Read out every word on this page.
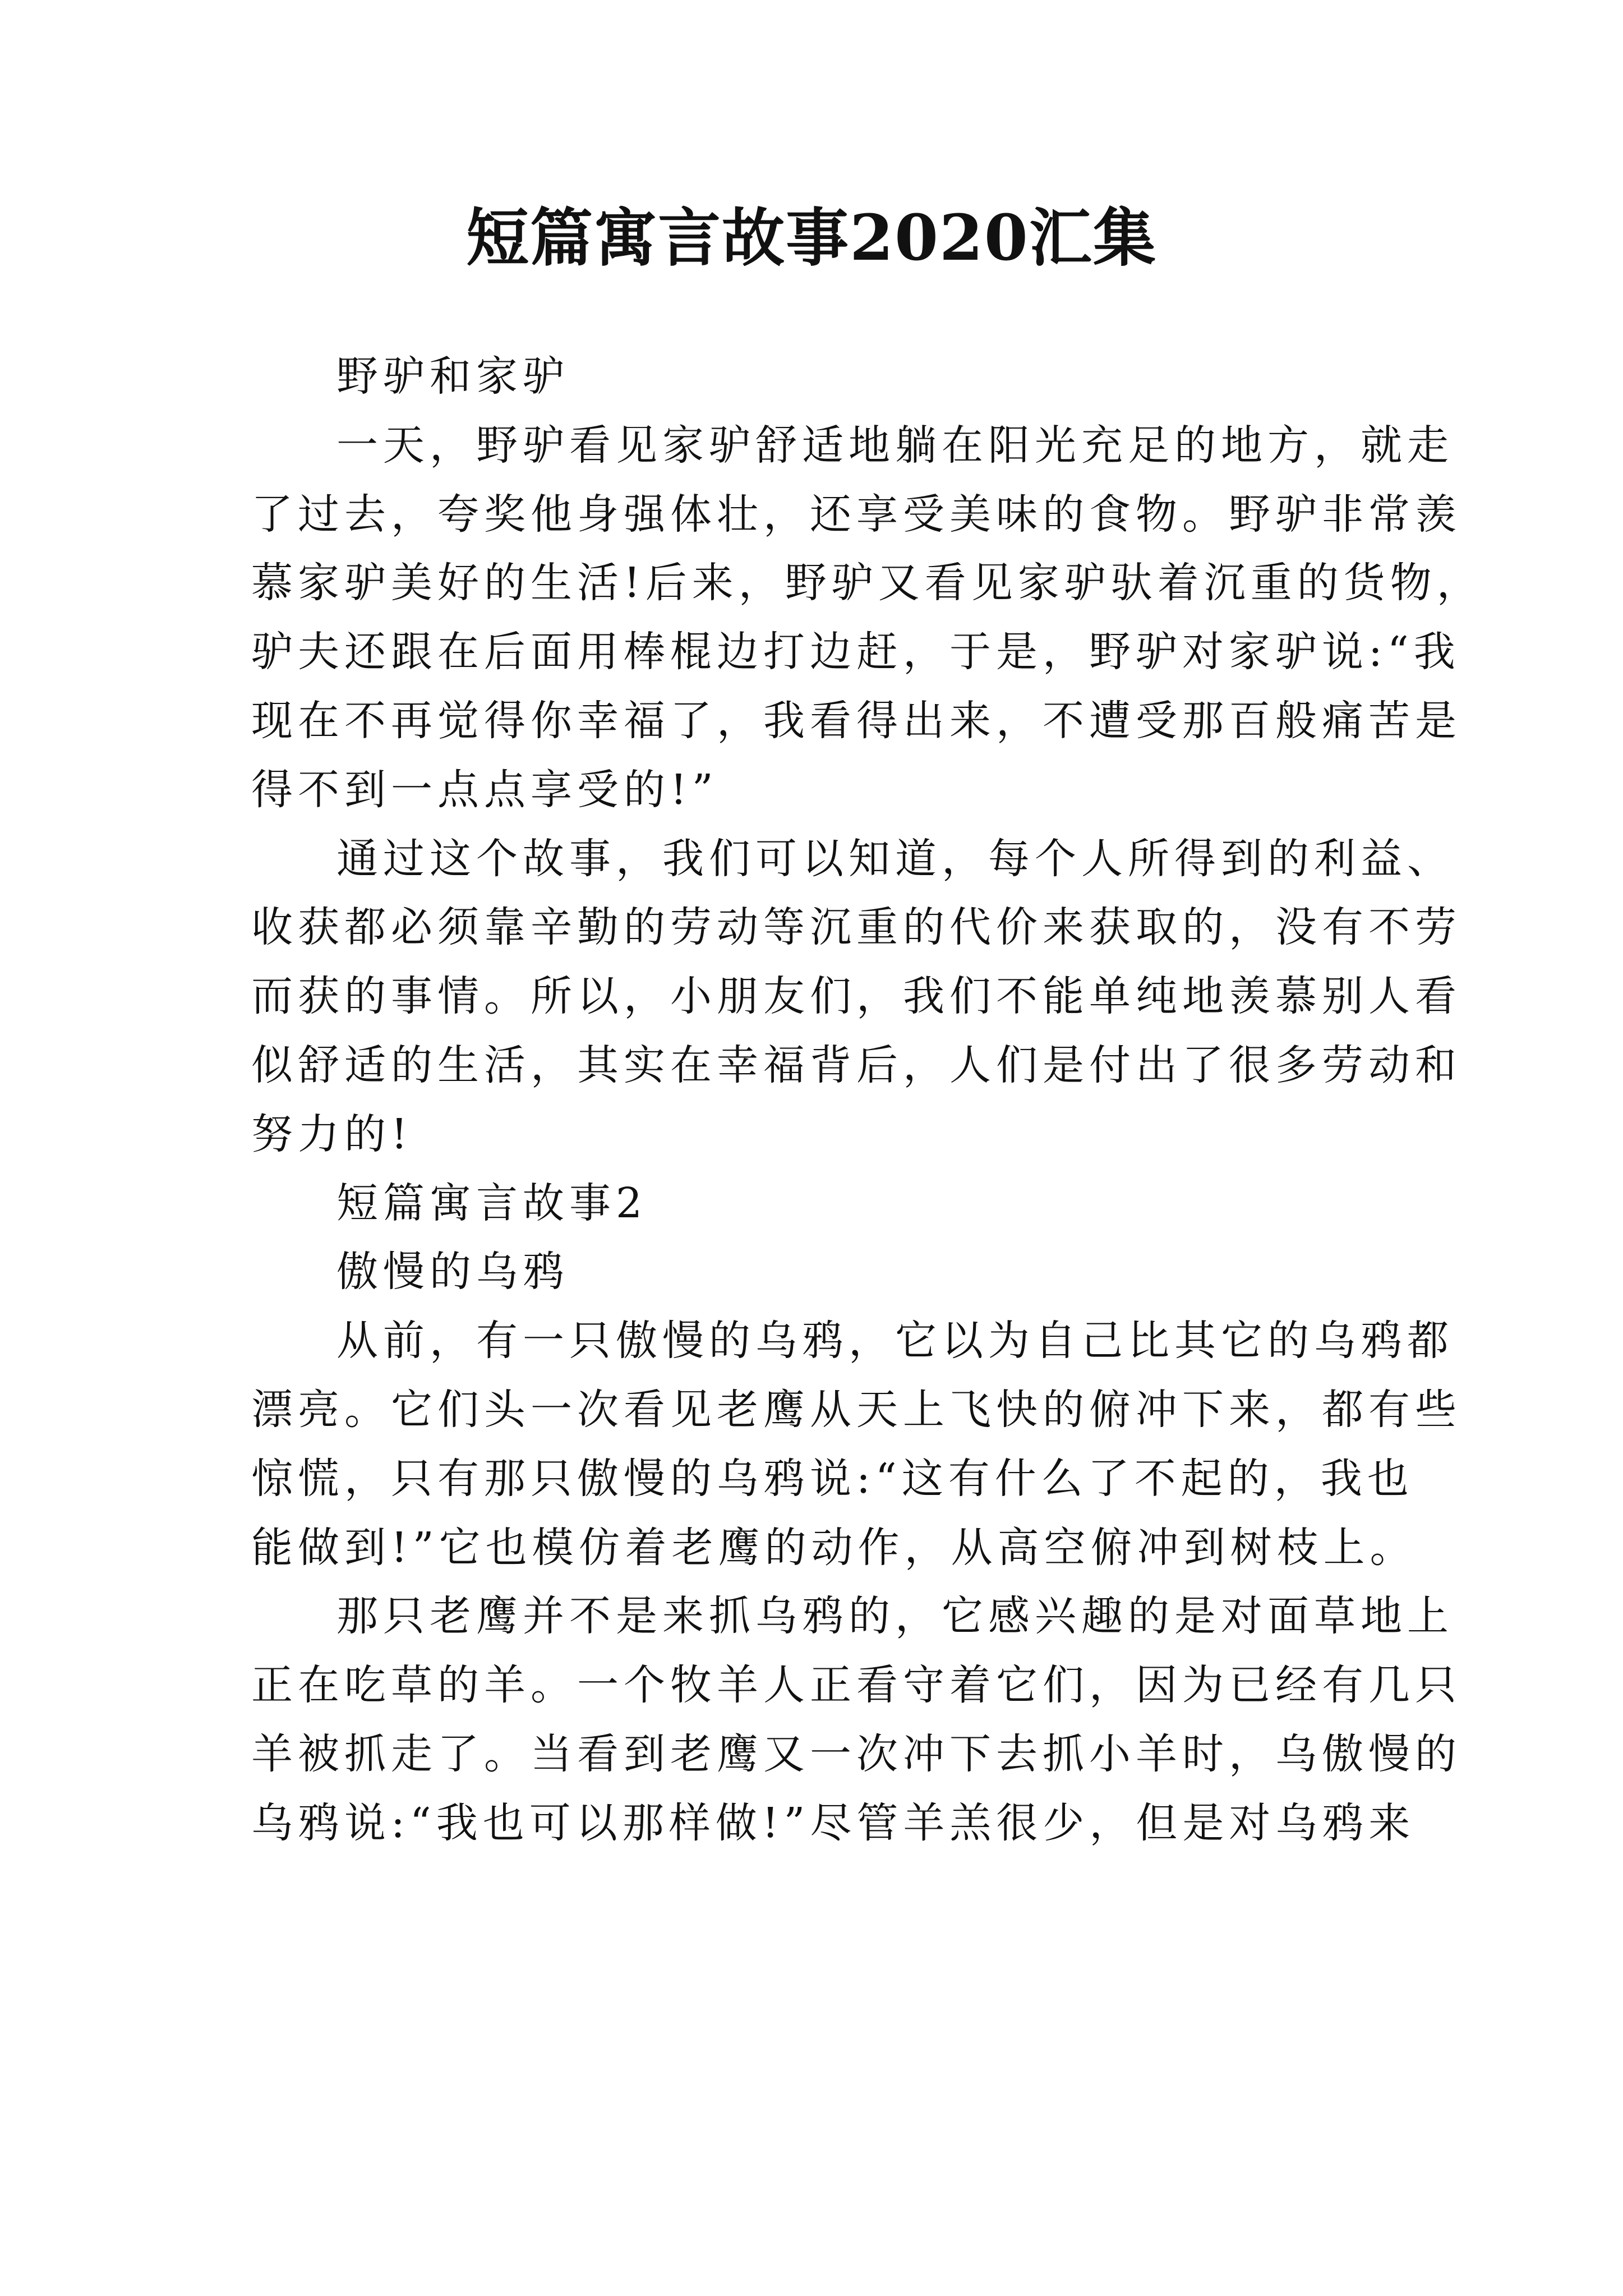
短篇寓言故事2020汇集

野驴和家驴

一天，野驴看见家驴舒适地躺在阳光充足的地方，就走

了过去，夸奖他身强体壮，还享受美味的食物。野驴非常羡

慕家驴美好的生活!后来，野驴又看见家驴驮着沉重的货物，

驴夫还跟在后面用棒棍边打边赶，于是，野驴对家驴说:“我

现在不再觉得你幸福了，我看得出来，不遭受那百般痛苦是

得不到一点点享受的!”

通过这个故事，我们可以知道，每个人所得到的利益、

收获都必须靠辛勤的劳动等沉重的代价来获取的，没有不劳

而获的事情。所以，小朋友们，我们不能单纯地羡慕别人看

似舒适的生活，其实在幸福背后，人们是付出了很多劳动和

努力的!

短篇寓言故事2

傲慢的乌鸦

从前，有一只傲慢的乌鸦，它以为自己比其它的乌鸦都

漂亮。它们头一次看见老鹰从天上飞快的俯冲下来，都有些

惊慌，只有那只傲慢的乌鸦说:“这有什么了不起的，我也

能做到!”它也模仿着老鹰的动作，从高空俯冲到树枝上。

那只老鹰并不是来抓乌鸦的，它感兴趣的是对面草地上

正在吃草的羊。一个牧羊人正看守着它们，因为已经有几只

羊被抓走了。当看到老鹰又一次冲下去抓小羊时，乌傲慢的

乌鸦说:“我也可以那样做!”尽管羊羔很少，但是对乌鸦来
